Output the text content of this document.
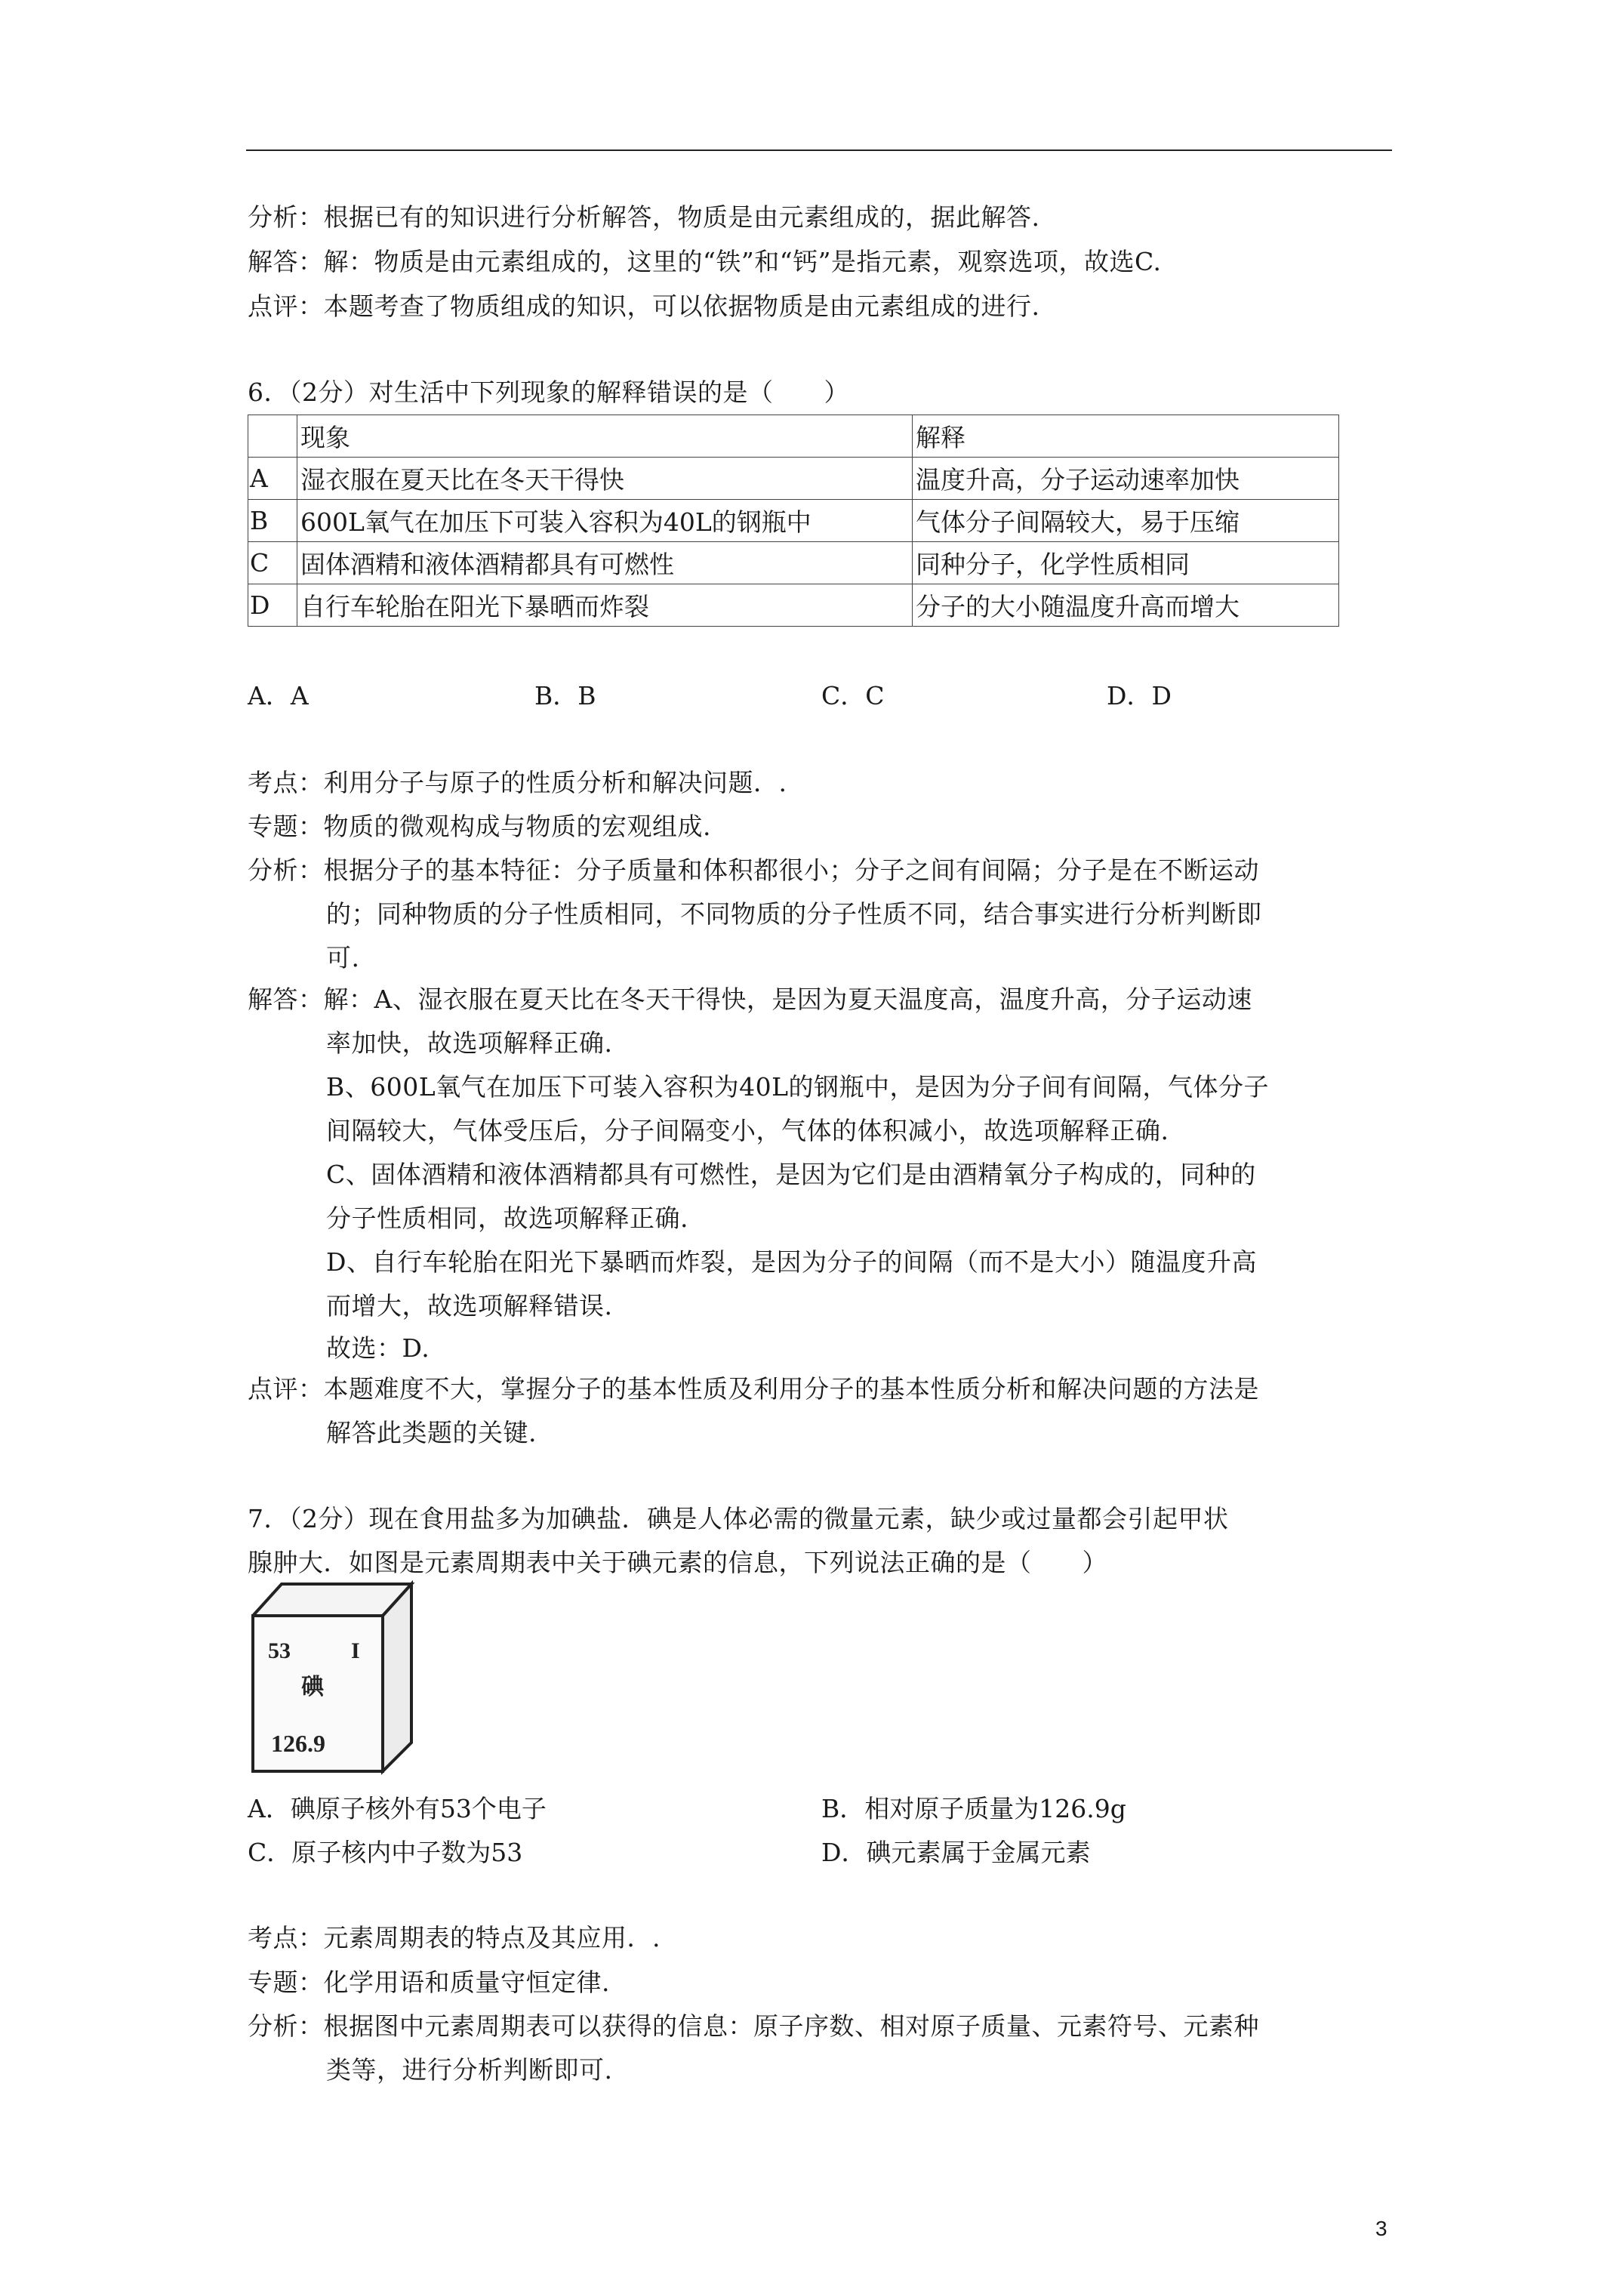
分析：根据已有的知识进行分析解答，物质是由元素组成的，据此解答.
解答：解：物质是由元素组成的，这里的“铁”和“钙”是指元素，观察选项，故选C.
点评：本题考查了物质组成的知识，可以依据物质是由元素组成的进行.
6．（2分）对生活中下列现象的解释错误的是（　　）
	现象	解释
A	湿衣服在夏天比在冬天干得快	温度升高，分子运动速率加快
B	600L氧气在加压下可装入容积为40L的钢瓶中	气体分子间隔较大，易于压缩
C	固体酒精和液体酒精都具有可燃性	同种分子，化学性质相同
D	自行车轮胎在阳光下暴晒而炸裂	分子的大小随温度升高而增大
A．A	B．B	C．C	D．D
考点：利用分子与原子的性质分析和解决问题．.
专题：物质的微观构成与物质的宏观组成.
分析：根据分子的基本特征：分子质量和体积都很小；分子之间有间隔；分子是在不断运动
的；同种物质的分子性质相同，不同物质的分子性质不同，结合事实进行分析判断即
可.
解答：解：A、湿衣服在夏天比在冬天干得快，是因为夏天温度高，温度升高，分子运动速
率加快，故选项解释正确.
B、600L氧气在加压下可装入容积为40L的钢瓶中，是因为分子间有间隔，气体分子
间隔较大，气体受压后，分子间隔变小，气体的体积减小，故选项解释正确.
C、固体酒精和液体酒精都具有可燃性，是因为它们是由酒精氧分子构成的，同种的
分子性质相同，故选项解释正确.
D、自行车轮胎在阳光下暴晒而炸裂，是因为分子的间隔（而不是大小）随温度升高
而增大，故选项解释错误.
故选：D.
点评：本题难度不大，掌握分子的基本性质及利用分子的基本性质分析和解决问题的方法是
解答此类题的关键.
7．（2分）现在食用盐多为加碘盐．碘是人体必需的微量元素，缺少或过量都会引起甲状
腺肿大．如图是元素周期表中关于碘元素的信息，下列说法正确的是（　　）
53	I
碘
126.9
A．碘原子核外有53个电子	B．相对原子质量为126.9g
C．原子核内中子数为53	D．碘元素属于金属元素
考点：元素周期表的特点及其应用．.
专题：化学用语和质量守恒定律.
分析：根据图中元素周期表可以获得的信息：原子序数、相对原子质量、元素符号、元素种
类等，进行分析判断即可.
3
